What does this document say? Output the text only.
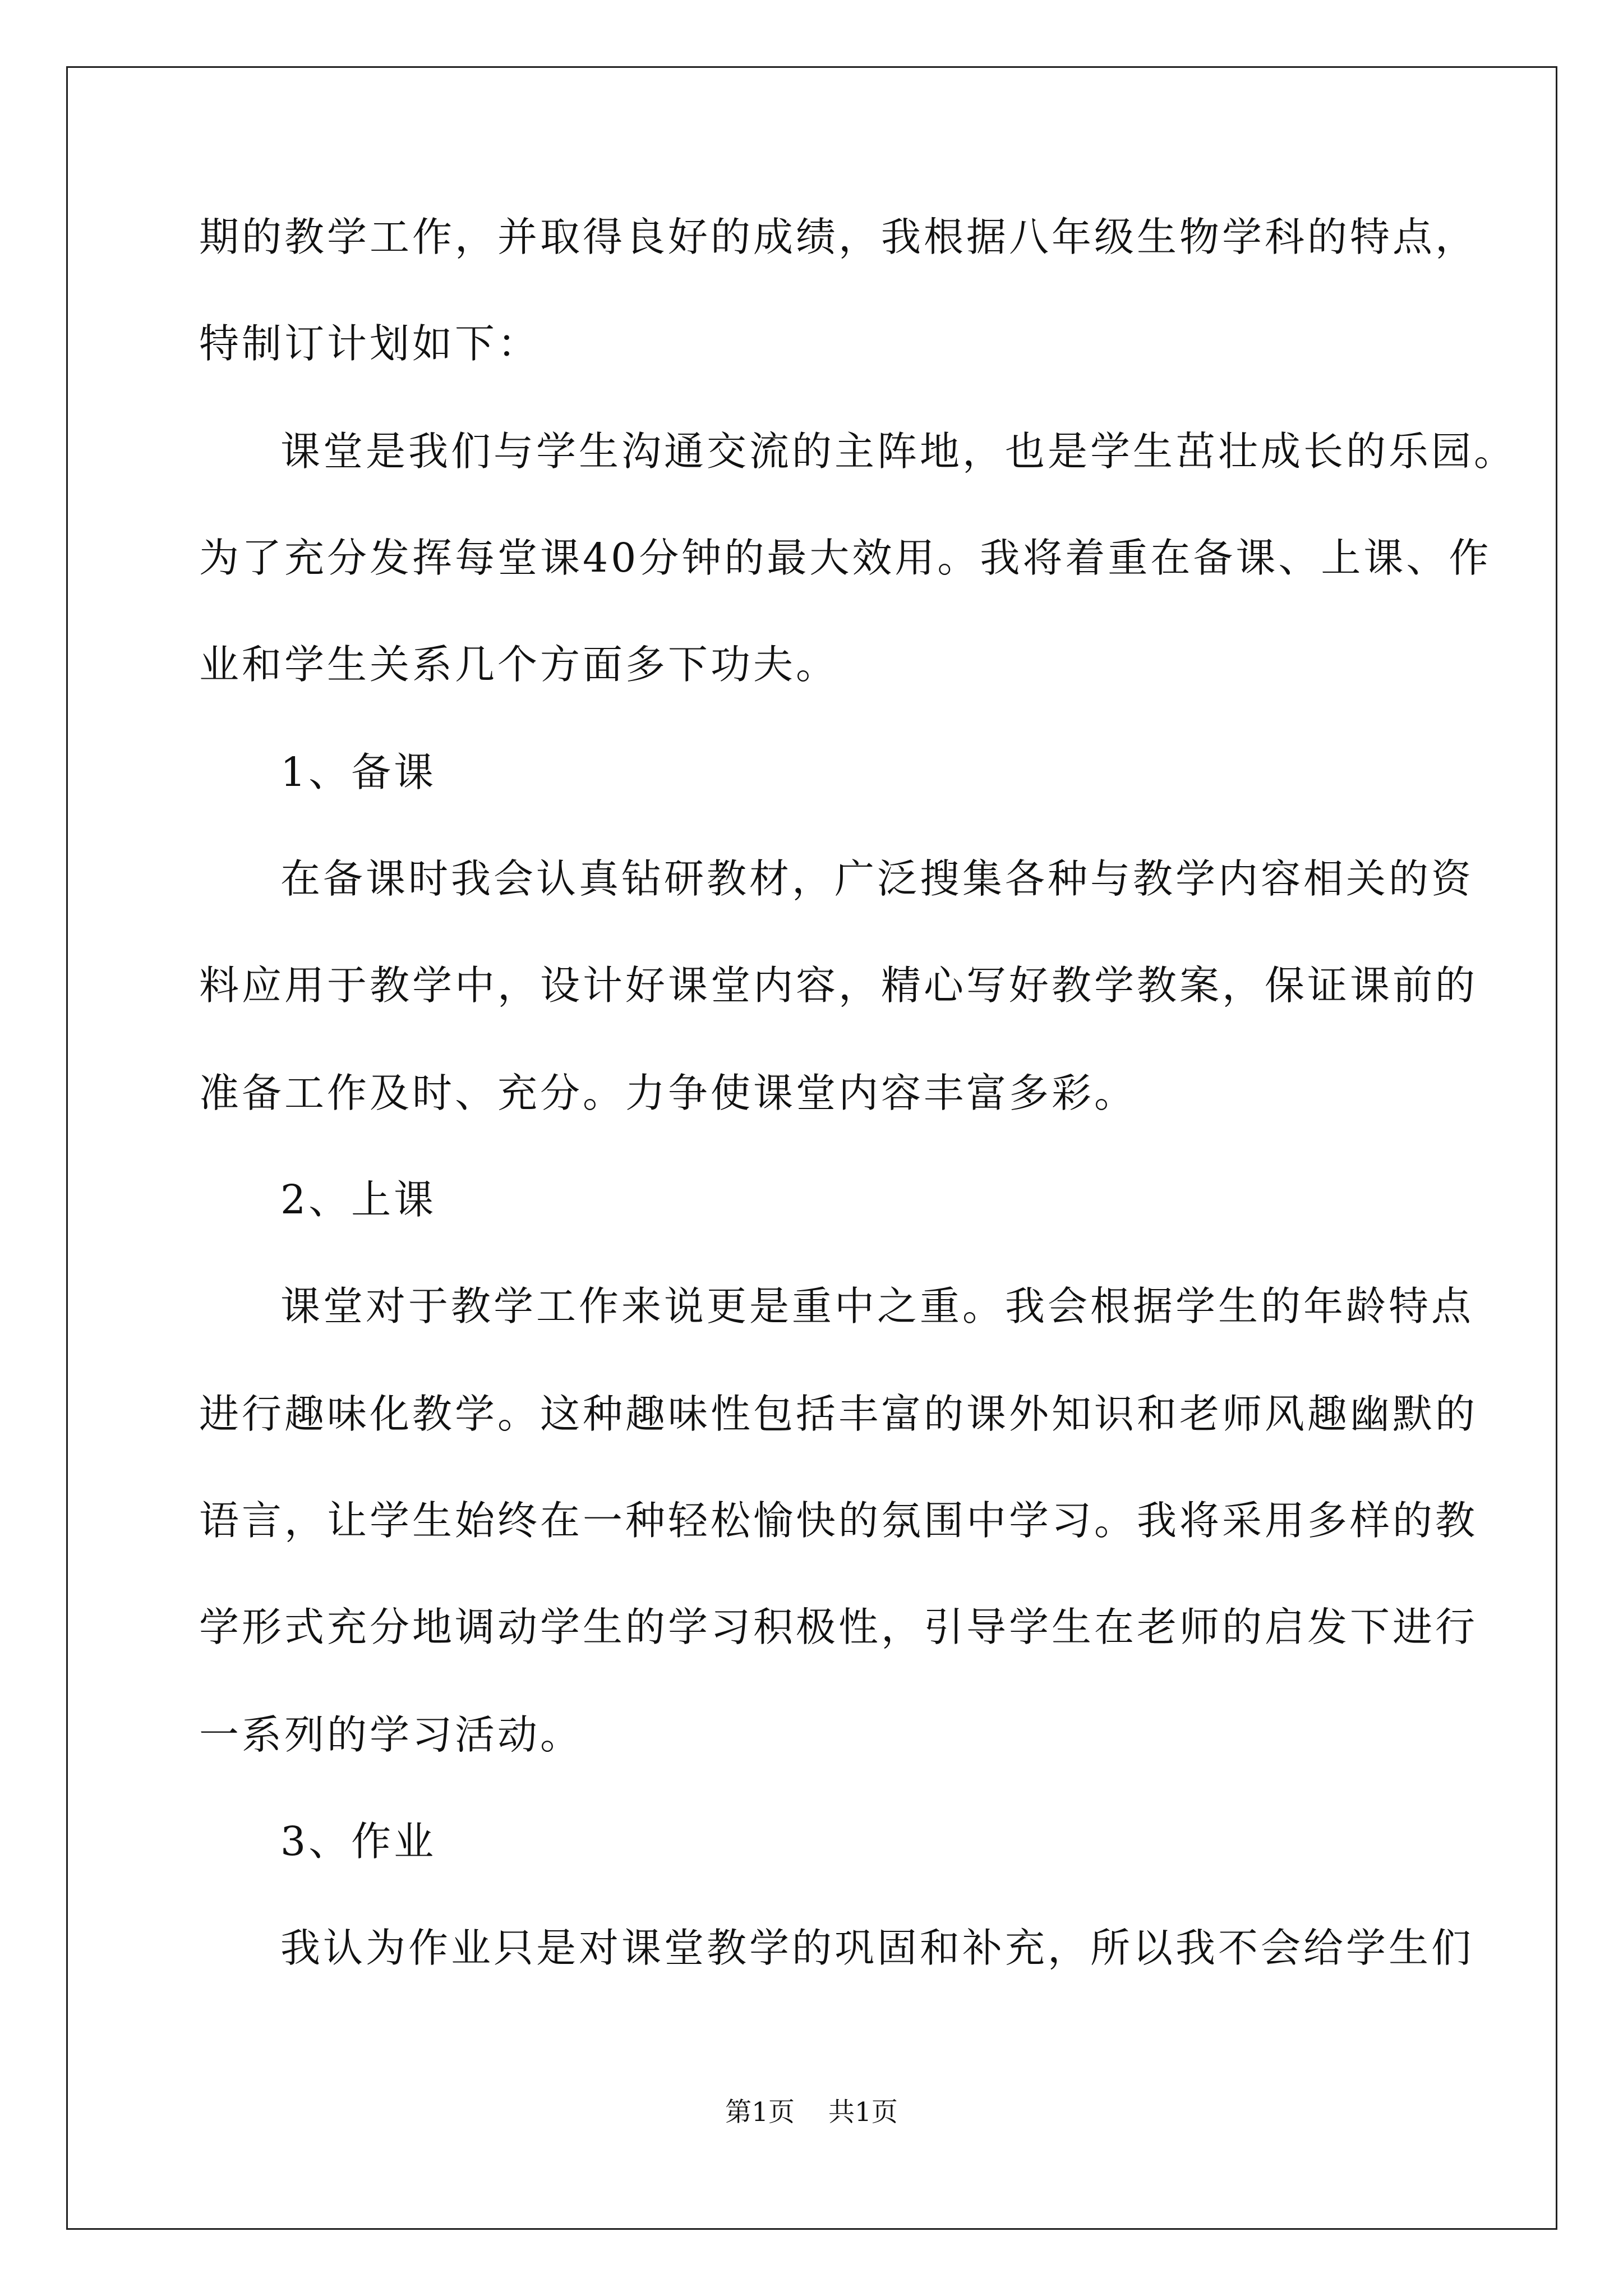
期的教学工作，并取得良好的成绩，我根据八年级生物学科的特点，
特制订计划如下：
课堂是我们与学生沟通交流的主阵地，也是学生茁壮成长的乐园。
为了充分发挥每堂课40分钟的最大效用。我将着重在备课、上课、作
业和学生关系几个方面多下功夫。
1、备课
在备课时我会认真钻研教材，广泛搜集各种与教学内容相关的资
料应用于教学中，设计好课堂内容，精心写好教学教案，保证课前的
准备工作及时、充分。力争使课堂内容丰富多彩。
2、上课
课堂对于教学工作来说更是重中之重。我会根据学生的年龄特点
进行趣味化教学。这种趣味性包括丰富的课外知识和老师风趣幽默的
语言，让学生始终在一种轻松愉快的氛围中学习。我将采用多样的教
学形式充分地调动学生的学习积极性，引导学生在老师的启发下进行
一系列的学习活动。
3、作业
我认为作业只是对课堂教学的巩固和补充，所以我不会给学生们
第1页 共1页
